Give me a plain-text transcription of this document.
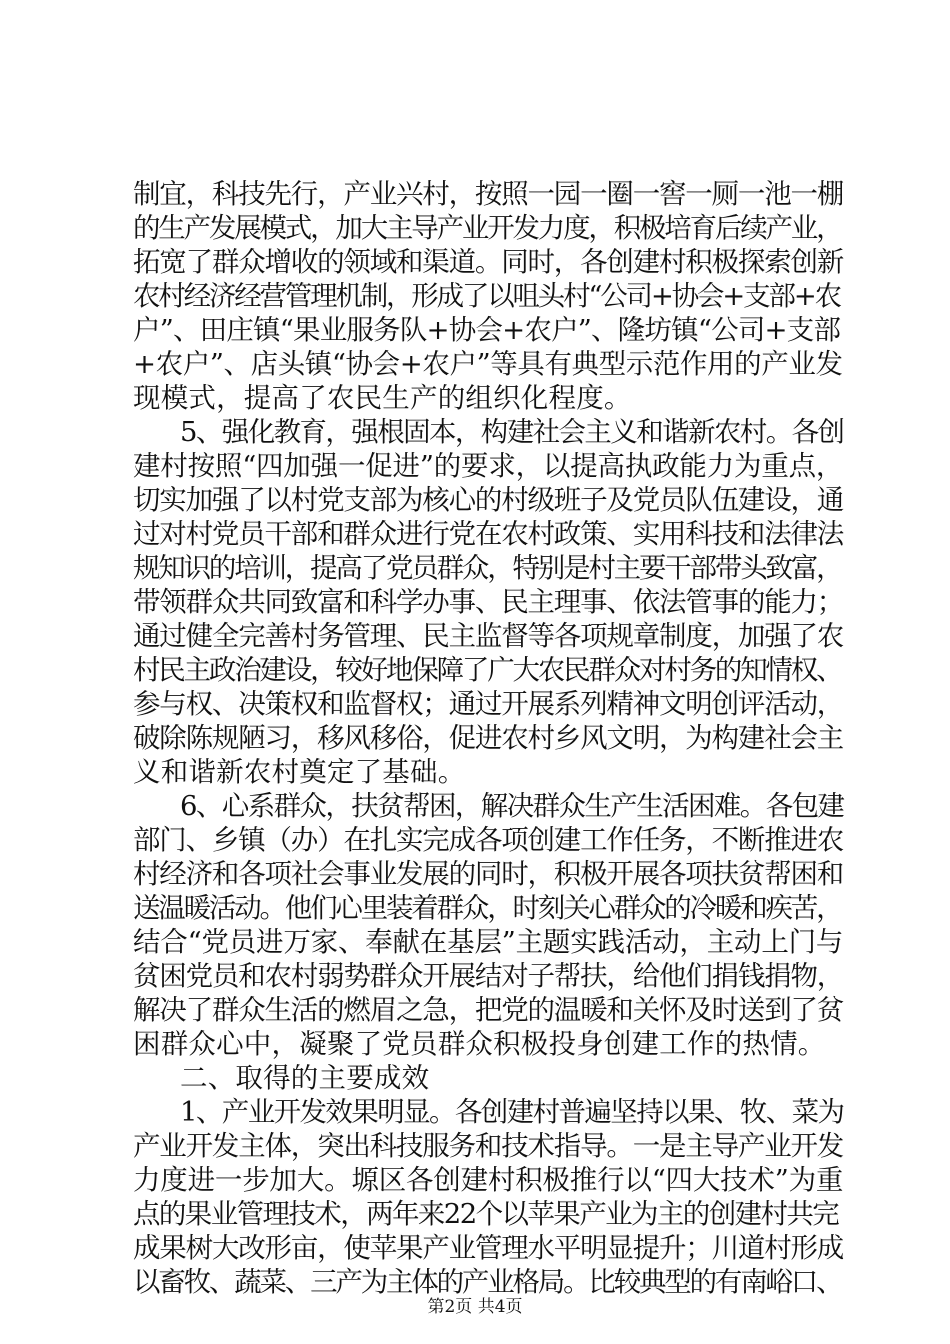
制宜，科技先行，产业兴村，按照一园一圈一窖一厕一池一棚
的生产发展模式，加大主导产业开发力度，积极培育后续产业，
拓宽了群众增收的领域和渠道。同时，各创建村积极探索创新
农村经济经营管理机制，形成了以咀头村“公司+协会+支部+农
户”、田庄镇“果业服务队+协会+农户”、隆坊镇“公司+支部
+农户”、店头镇“协会+农户”等具有典型示范作用的产业发
现模式，提高了农民生产的组织化程度。
5、强化教育，强根固本，构建社会主义和谐新农村。各创
建村按照“四加强一促进”的要求，以提高执政能力为重点，
切实加强了以村党支部为核心的村级班子及党员队伍建设，通
过对村党员干部和群众进行党在农村政策、实用科技和法律法
规知识的培训，提高了党员群众，特别是村主要干部带头致富，
带领群众共同致富和科学办事、民主理事、依法管事的能力；
通过健全完善村务管理、民主监督等各项规章制度，加强了农
村民主政治建设，较好地保障了广大农民群众对村务的知情权、
参与权、决策权和监督权；通过开展系列精神文明创评活动，
破除陈规陋习，移风移俗，促进农村乡风文明，为构建社会主
义和谐新农村奠定了基础。
6、心系群众，扶贫帮困，解决群众生产生活困难。各包建
部门、乡镇（办）在扎实完成各项创建工作任务，不断推进农
村经济和各项社会事业发展的同时，积极开展各项扶贫帮困和
送温暖活动。他们心里装着群众，时刻关心群众的冷暖和疾苦，
结合“党员进万家、奉献在基层”主题实践活动，主动上门与
贫困党员和农村弱势群众开展结对子帮扶，给他们捐钱捐物，
解决了群众生活的燃眉之急，把党的温暖和关怀及时送到了贫
困群众心中，凝聚了党员群众积极投身创建工作的热情。
二、取得的主要成效
1、产业开发效果明显。各创建村普遍坚持以果、牧、菜为
产业开发主体，突出科技服务和技术指导。一是主导产业开发
力度进一步加大。塬区各创建村积极推行以“四大技术”为重
点的果业管理技术，两年来22个以苹果产业为主的创建村共完
成果树大改形亩，使苹果产业管理水平明显提升；川道村形成
以畜牧、蔬菜、三产为主体的产业格局。比较典型的有南峪口、
第2页 共4页
